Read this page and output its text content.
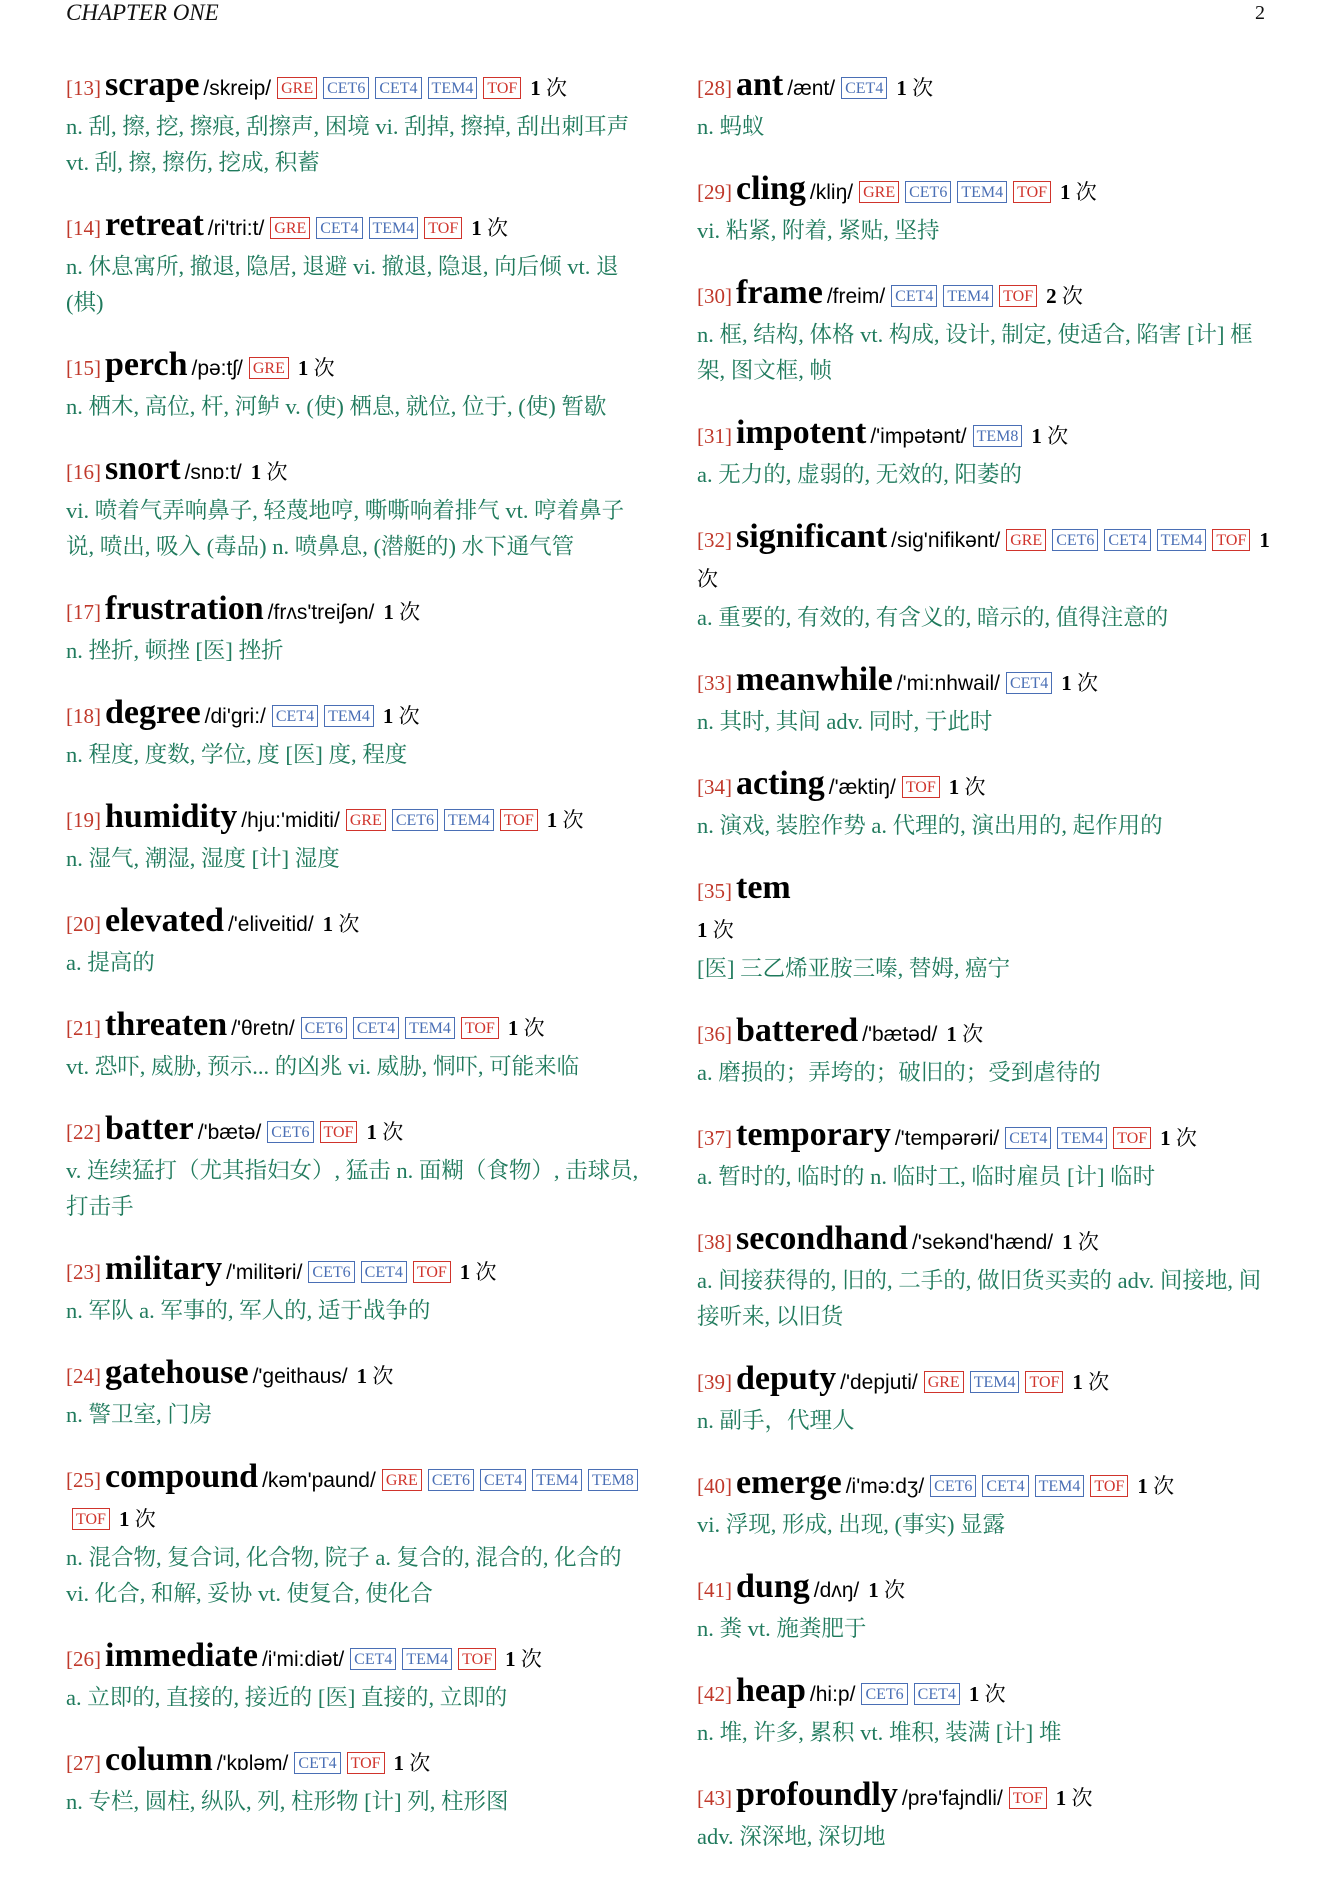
CHAPTER ONE	2
[13] scrape /skreip/ GRE CET6 CET4 TEM4 TOF 1 次
n. 刮, 擦, 挖, 擦痕, 刮擦声, 困境 vi. 刮掉, 擦掉, 刮出刺耳声 vt. 刮, 擦, 擦伤, 挖成, 积蓄
[14] retreat /ri'tri:t/ GRE CET4 TEM4 TOF 1 次
n. 休息寓所, 撤退, 隐居, 退避 vi. 撤退, 隐退, 向后倾 vt. 退 (棋)
[15] perch /pə:tʃ/ GRE 1 次
n. 栖木, 高位, 杆, 河鲈 v. (使) 栖息, 就位, 位于, (使) 暂歇
[16] snort /snɒ:t/ 1 次
vi. 喷着气弄响鼻子, 轻蔑地哼, 嘶嘶响着排气 vt. 哼着鼻子说, 喷出, 吸入 (毒品) n. 喷鼻息, (潜艇的) 水下通气管
[17] frustration /frʌs'treiʃən/ 1 次
n. 挫折, 顿挫 [医] 挫折
[18] degree /di'gri:/ CET4 TEM4 1 次
n. 程度, 度数, 学位, 度 [医] 度, 程度
[19] humidity /hju:'miditi/ GRE CET6 TEM4 TOF 1 次
n. 湿气, 潮湿, 湿度 [计] 湿度
[20] elevated /'eliveitid/ 1 次
a. 提高的
[21] threaten /'θretn/ CET6 CET4 TEM4 TOF 1 次
vt. 恐吓, 威胁, 预示... 的凶兆 vi. 威胁, 恫吓, 可能来临
[22] batter /'bætə/ CET6 TOF 1 次
v. 连续猛打（尤其指妇女）, 猛击 n. 面糊（食物）, 击球员, 打击手
[23] military /'militəri/ CET6 CET4 TOF 1 次
n. 军队 a. 军事的, 军人的, 适于战争的
[24] gatehouse /'geithaus/ 1 次
n. 警卫室, 门房
[25] compound /kəm'paund/ GRE CET6 CET4 TEM4 TEM8TOF 1 次
n. 混合物, 复合词, 化合物, 院子 a. 复合的, 混合的, 化合的 vi. 化合, 和解, 妥协 vt. 使复合, 使化合
[26] immediate /i'mi:diət/ CET4 TEM4 TOF 1 次
a. 立即的, 直接的, 接近的 [医] 直接的, 立即的
[27] column /'kɒləm/ CET4 TOF 1 次
n. 专栏, 圆柱, 纵队, 列, 柱形物 [计] 列, 柱形图
[28] ant /ænt/ CET4 1 次
n. 蚂蚁
[29] cling /kliŋ/ GRE CET6 TEM4 TOF 1 次
vi. 粘紧, 附着, 紧贴, 坚持
[30] frame /freim/ CET4 TEM4 TOF 2 次
n. 框, 结构, 体格 vt. 构成, 设计, 制定, 使适合, 陷害 [计] 框架, 图文框, 帧
[31] impotent /'impətənt/ TEM8 1 次
a. 无力的, 虚弱的, 无效的, 阳萎的
[32] significant /sig'nifikənt/ GRE CET6 CET4 TEM4 TOF 1 次
a. 重要的, 有效的, 有含义的, 暗示的, 值得注意的
[33] meanwhile /'mi:nhwail/ CET4 1 次
n. 其时, 其间 adv. 同时, 于此时
[34] acting /'æktiŋ/ TOF 1 次
n. 演戏, 装腔作势 a. 代理的, 演出用的, 起作用的
[35] tem
1 次
[医] 三乙烯亚胺三嗪, 替姆, 癌宁
[36] battered /'bætəd/ 1 次
a. 磨损的；弄垮的；破旧的；受到虐待的
[37] temporary /'tempərəri/ CET4 TEM4 TOF 1 次
a. 暂时的, 临时的 n. 临时工, 临时雇员 [计] 临时
[38] secondhand /'sekənd'hænd/ 1 次
a. 间接获得的, 旧的, 二手的, 做旧货买卖的 adv. 间接地, 间接听来, 以旧货
[39] deputy /'depjuti/ GRE TEM4 TOF 1 次
n. 副手，代理人
[40] emerge /i'mə:dʒ/ CET6 CET4 TEM4 TOF 1 次
vi. 浮现, 形成, 出现, (事实) 显露
[41] dung /dʌŋ/ 1 次
n. 粪 vt. 施粪肥于
[42] heap /hi:p/ CET6 CET4 1 次
n. 堆, 许多, 累积 vt. 堆积, 装满 [计] 堆
[43] profoundly /prə'fajndli/ TOF 1 次
adv. 深深地, 深切地
